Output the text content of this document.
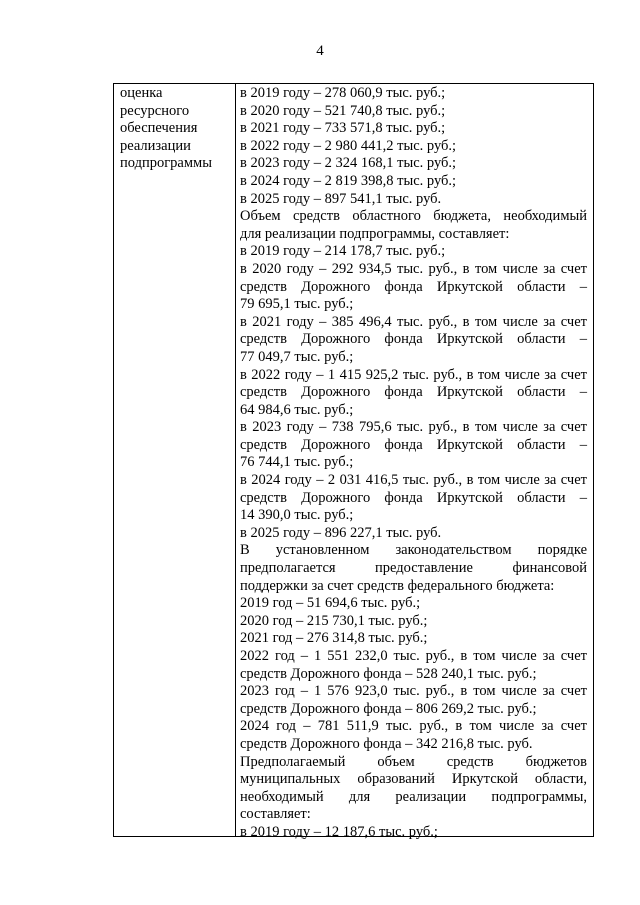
4
оценка
ресурсного
обеспечения
реализации
подпрограммы
в 2019 году – 278 060,9 тыс. руб.;
в 2020 году – 521 740,8 тыс. руб.;
в 2021 году – 733 571,8 тыс. руб.;
в 2022 году – 2 980 441,2 тыс. руб.;
в 2023 году – 2 324 168,1 тыс. руб.;
в 2024 году – 2 819 398,8 тыс. руб.;
в 2025 году – 897 541,1 тыс. руб.
Объем средств областного бюджета, необходимый
для реализации подпрограммы, составляет:
в 2019 году – 214 178,7 тыс. руб.;
в 2020 году – 292 934,5 тыс. руб., в том числе за счет
средств Дорожного фонда Иркутской области –
79 695,1 тыс. руб.;
в 2021 году – 385 496,4 тыс. руб., в том числе за счет
средств Дорожного фонда Иркутской области –
77 049,7 тыс. руб.;
в 2022 году – 1 415 925,2 тыс. руб., в том числе за счет
средств Дорожного фонда Иркутской области –
64 984,6 тыс. руб.;
в 2023 году – 738 795,6 тыс. руб., в том числе за счет
средств Дорожного фонда Иркутской области –
76 744,1 тыс. руб.;
в 2024 году – 2 031 416,5 тыс. руб., в том числе за счет
средств Дорожного фонда Иркутской области –
14 390,0 тыс. руб.;
в 2025 году – 896 227,1 тыс. руб.
В установленном законодательством порядке
предполагается предоставление финансовой
поддержки за счет средств федерального бюджета:
2019 год – 51 694,6 тыс. руб.;
2020 год – 215 730,1 тыс. руб.;
2021 год – 276 314,8 тыс. руб.;
2022 год – 1 551 232,0 тыс. руб., в том числе за счет
средств Дорожного фонда – 528 240,1 тыс. руб.;
2023 год – 1 576 923,0 тыс. руб., в том числе за счет
средств Дорожного фонда – 806 269,2 тыс. руб.;
2024 год – 781 511,9 тыс. руб., в том числе за счет
средств Дорожного фонда – 342 216,8 тыс. руб.
Предполагаемый объем средств бюджетов
муниципальных образований Иркутской области,
необходимый для реализации подпрограммы,
составляет:
в 2019 году – 12 187,6 тыс. руб.;
